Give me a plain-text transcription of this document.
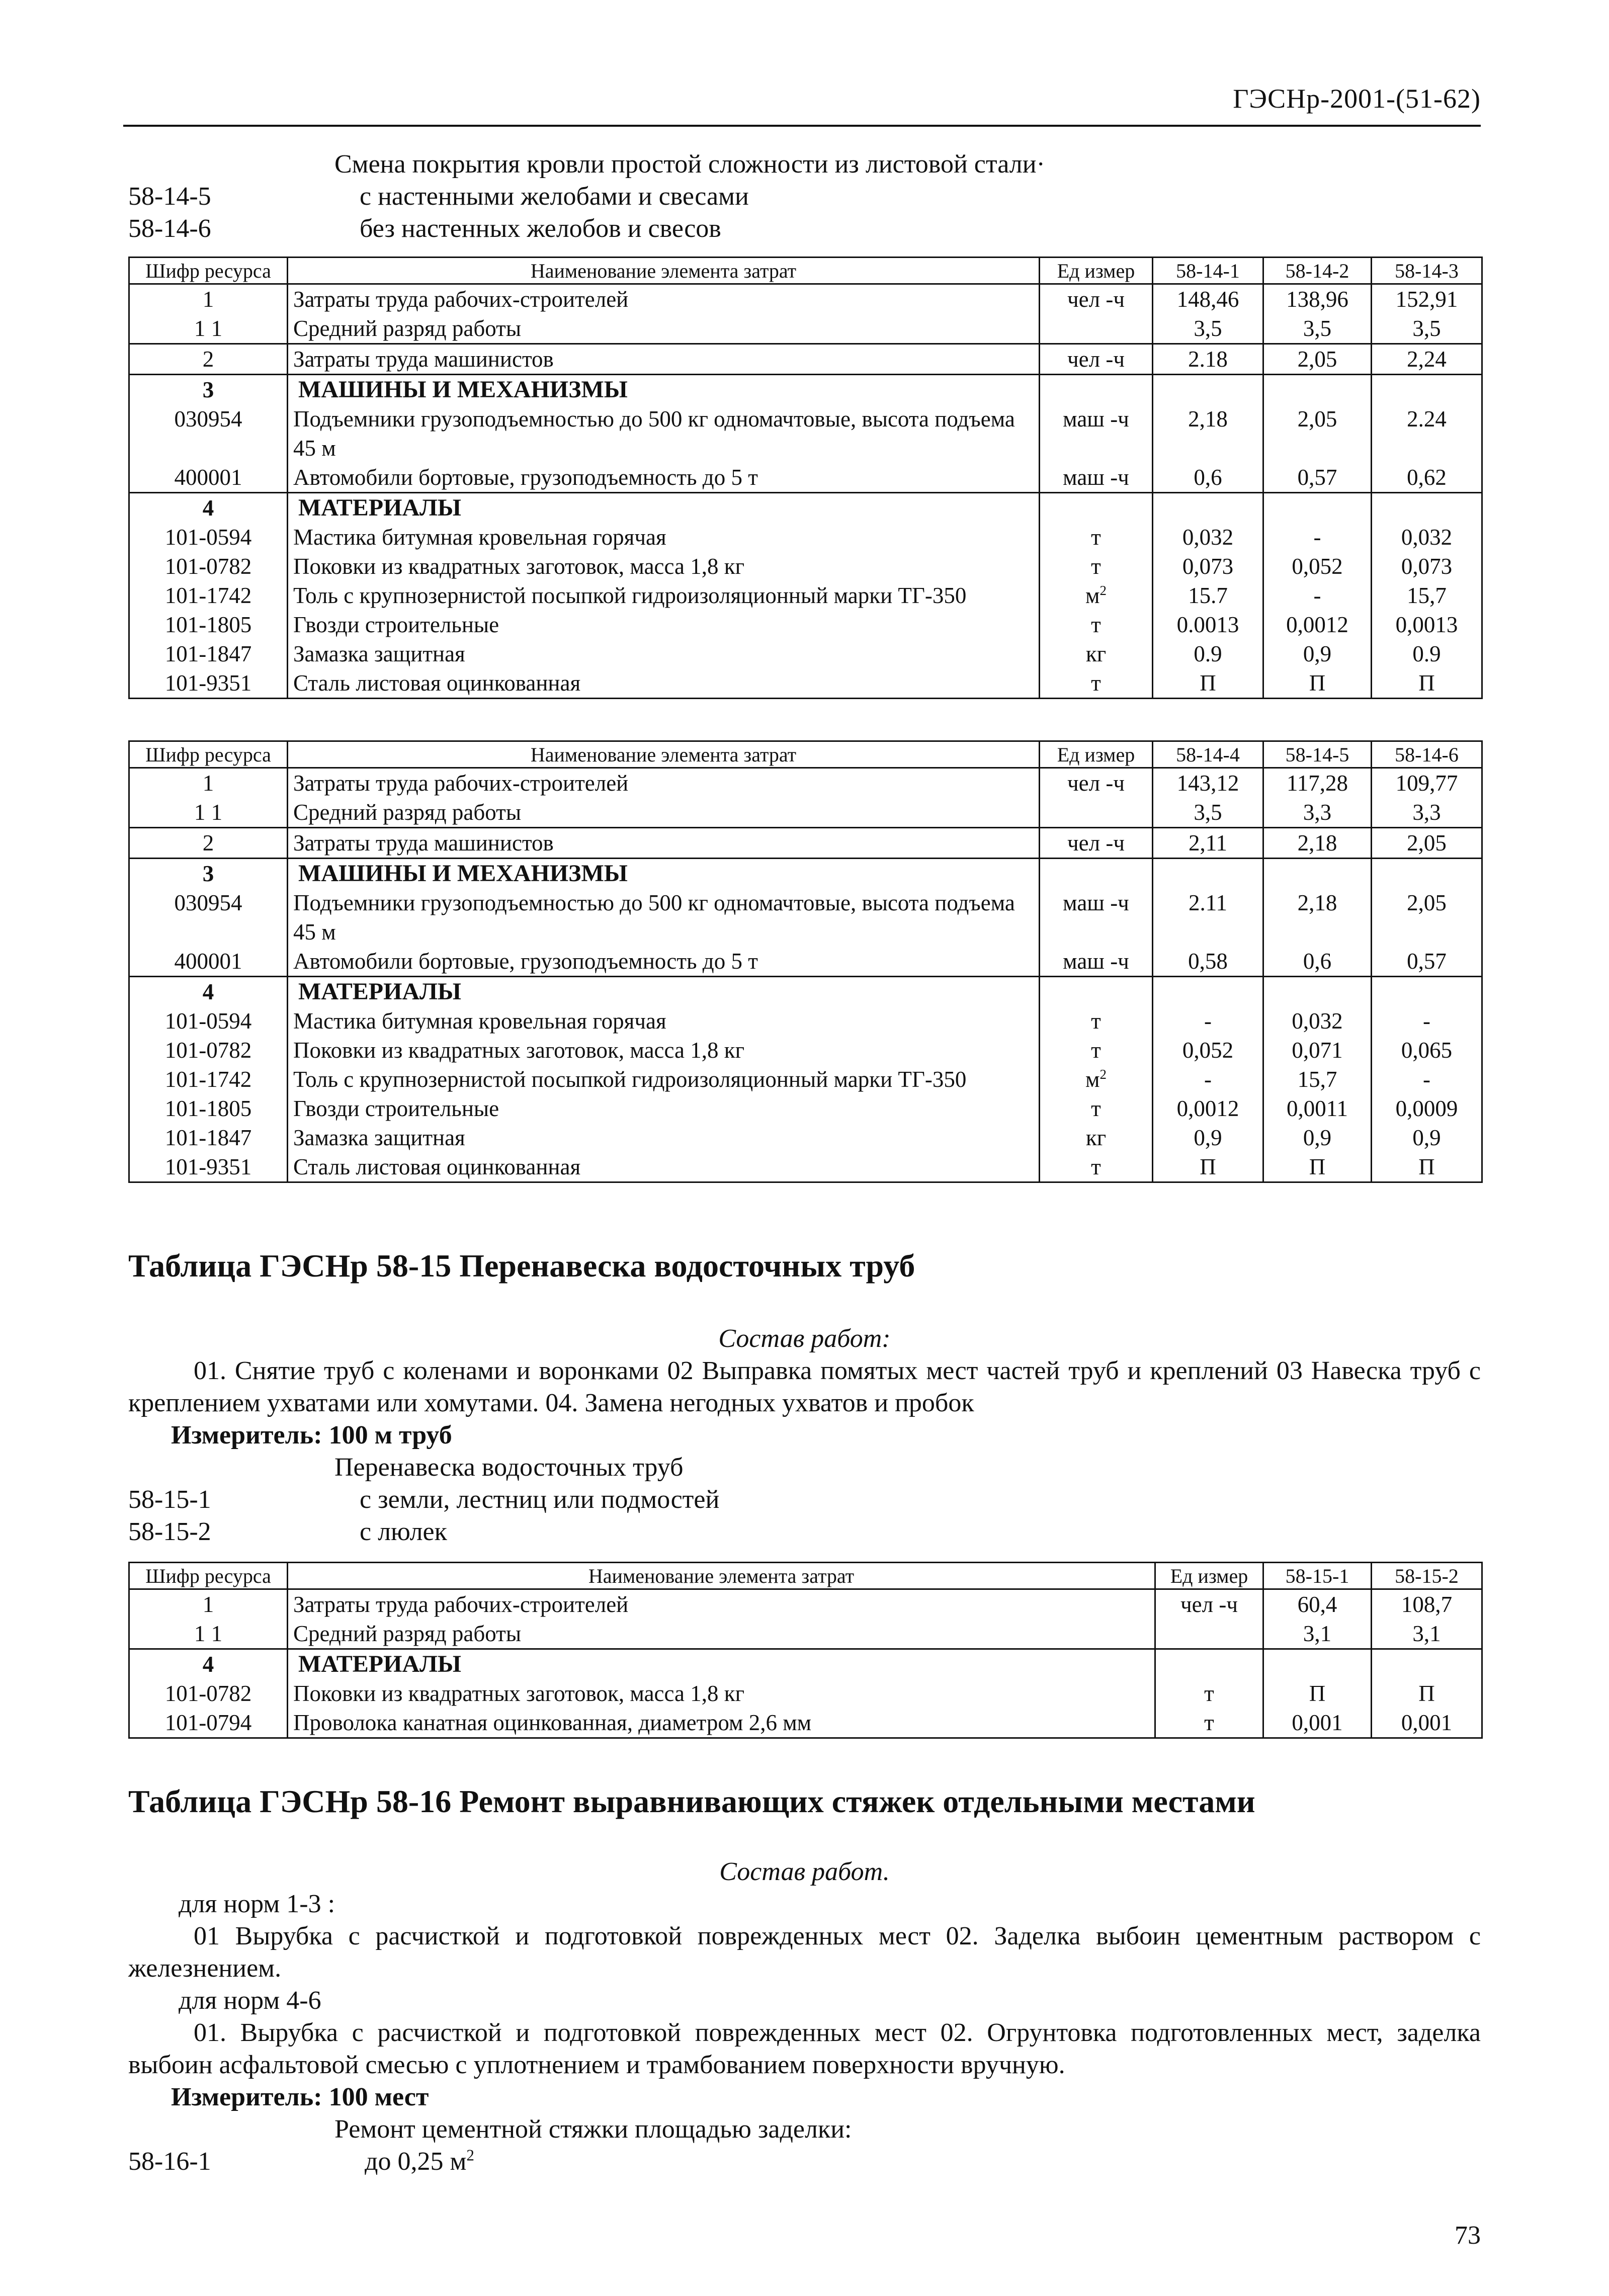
ГЭСНр-2001-(51-62)
Смена покрытия кровли простой сложности из листовой стали·
58-14-5	с настенными желобами и свесами
58-14-6	без настенных желобов и свесов
Шифр ресурса	Наименование элемента затрат	Ед измер	58-14-1	58-14-2	58-14-3
1	Затраты труда рабочих-строителей	чел -ч	148,46	138,96	152,91
1 1	Средний разряд работы		3,5	3,5	3,5
2	Затраты труда машинистов	чел -ч	2.18	2,05	2,24
3	МАШИНЫ И МЕХАНИЗМЫ				
030954	Подъемники грузоподъемностью до 500 кг одномачтовые, высота подъема 45 м	маш -ч	2,18	2,05	2.24
400001	Автомобили бортовые, грузоподъемность до 5 т	маш -ч	0,6	0,57	0,62
4	МАТЕРИАЛЫ				
101-0594	Мастика битумная кровельная горячая	т	0,032	-	0,032
101-0782	Поковки из квадратных заготовок, масса 1,8 кг	т	0,073	0,052	0,073
101-1742	Толь с крупнозернистой посыпкой гидроизоляционный марки ТГ-350	$м^2$	15.7	-	15,7
101-1805	Гвозди строительные	т	0.0013	0,0012	0,0013
101-1847	Замазка защитная	кг	0.9	0,9	0.9
101-9351	Сталь листовая оцинкованная	т	П	П	П
Шифр ресурса	Наименование элемента затрат	Ед измер	58-14-4	58-14-5	58-14-6
1	Затраты труда рабочих-строителей	чел -ч	143,12	117,28	109,77
1 1	Средний разряд работы		3,5	3,3	3,3
2	Затраты труда машинистов	чел -ч	2,11	2,18	2,05
3	МАШИНЫ И МЕХАНИЗМЫ				
030954	Подъемники грузоподъемностью до 500 кг одномачтовые, высота подъема 45 м	маш -ч	2.11	2,18	2,05
400001	Автомобили бортовые, грузоподъемность до 5 т	маш -ч	0,58	0,6	0,57
4	МАТЕРИАЛЫ				
101-0594	Мастика битумная кровельная горячая	т	-	0,032	-
101-0782	Поковки из квадратных заготовок, масса 1,8 кг	т	0,052	0,071	0,065
101-1742	Толь с крупнозернистой посыпкой гидроизоляционный марки ТГ-350	$м^2$	-	15,7	-
101-1805	Гвозди строительные	т	0,0012	0,0011	0,0009
101-1847	Замазка защитная	кг	0,9	0,9	0,9
101-9351	Сталь листовая оцинкованная	т	П	П	П
Таблица ГЭСНр 58-15 Перенавеска водосточных труб
Состав работ:
01. Снятие труб с коленами и воронками 02 Выправка помятых мест частей труб и креплений 03 Навеска труб с креплением ухватами или хомутами. 04. Замена негодных ухватов и пробок
Измеритель: 100 м труб
Перенавеска водосточных труб
58-15-1	с земли, лестниц или подмостей
58-15-2	с люлек
Шифр ресурса	Наименование элемента затрат	Ед измер	58-15-1	58-15-2
1	Затраты труда рабочих-строителей	чел -ч	60,4	108,7
1 1	Средний разряд работы		3,1	3,1
4	МАТЕРИАЛЫ			
101-0782	Поковки из квадратных заготовок, масса 1,8 кг	т	П	П
101-0794	Проволока канатная оцинкованная, диаметром 2,6 мм	т	0,001	0,001
Таблица ГЭСНр 58-16 Ремонт выравнивающих стяжек отдельными местами
Состав работ.
для норм 1-3 :
01 Вырубка с расчисткой и подготовкой поврежденных мест 02. Заделка выбоин цементным раствором с железнением.
для норм 4-6
01. Вырубка с расчисткой и подготовкой поврежденных мест 02. Огрунтовка подготовленных мест, заделка выбоин асфальтовой смесью с уплотнением и трамбованием поверхности вручную.
Измеритель: 100 мест
Ремонт цементной стяжки площадью заделки:
58-16-1	до 0,25 $м^2$
73
